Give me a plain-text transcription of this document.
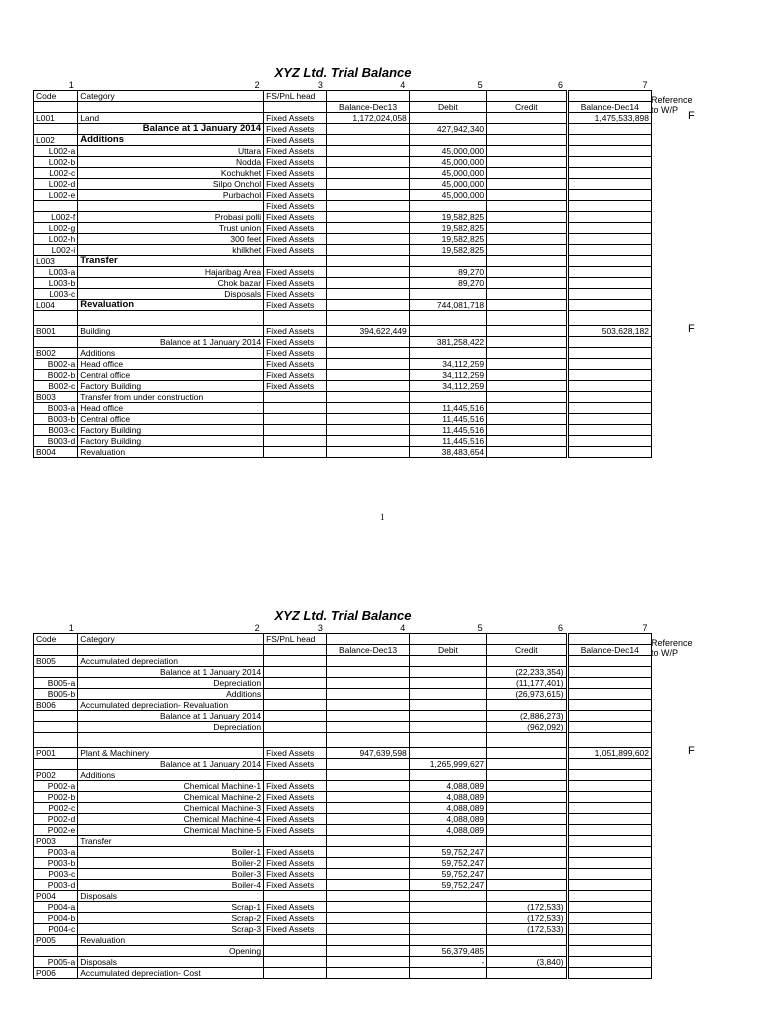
XYZ Ltd. Trial Balance
1	2	3	4	5	6	7
Code	Category	FS/PnL head				
			Balance-Dec13	Debit	Credit	Balance-Dec14
L001	Land	Fixed Assets	1,172,024,058			1,475,533,898
	Balance at 1 January 2014	Fixed Assets		427,942,340		
L002	Additions	Fixed Assets				
L002-a	Uttara	Fixed Assets		45,000,000		
L002-b	Nodda	Fixed Assets		45,000,000		
L002-c	Kochukhet	Fixed Assets		45,000,000		
L002-d	Silpo Onchol	Fixed Assets		45,000,000		
L002-e	Purbachol	Fixed Assets		45,000,000		
		Fixed Assets				
L002-f	Probasi polli	Fixed Assets		19,582,825		
L002-g	Trust union	Fixed Assets		19,582,825		
L002-h	300 feet	Fixed Assets		19,582,825		
L002-i	khilkhet	Fixed Assets		19,582,825		
L003	Transfer					
L003-a	Hajaribag Area	Fixed Assets		89,270		
L003-b	Chok bazar	Fixed Assets		89,270		
L003-c	Disposals	Fixed Assets				
L004	Revaluation	Fixed Assets		744,081,718		

B001	Building	Fixed Assets	394,622,449			503,628,182
	Balance at 1 January 2014	Fixed Assets		381,258,422		
B002	Additions	Fixed Assets				
B002-a	Head office	Fixed Assets		34,112,259		
B002-b	Central office	Fixed Assets		34,112,259		
B002-c	Factory Building	Fixed Assets		34,112,259		
B003	Transfer from under construction					
B003-a	Head office			11,445,516		
B003-b	Central office			11,445,516		
B003-c	Factory Building			11,445,516		
B003-d	Factory Building			11,445,516		
B004	Revaluation			38,483,654		
Reference to W/P
1
XYZ Ltd. Trial Balance
1	2	3	4	5	6	7
Code	Category	FS/PnL head				
			Balance-Dec13	Debit	Credit	Balance-Dec14
B005	Accumulated depreciation					
	Balance at 1 January 2014				(22,233,354)	
B005-a	Depreciation				(11,177,401)	
B005-b	Additions				(26,973,615)	
B006	Accumulated depreciation- Revaluation					
	Balance at 1 January 2014				(2,886,273)	
	Depreciation				(962,092)	

P001	Plant & Machinery	Fixed Assets	947,639,598			1,051,899,602
	Balance at 1 January 2014	Fixed Assets		1,265,999,627		
P002	Additions					
P002-a	Chemical Machine-1	Fixed Assets		4,088,089		
P002-b	Chemical Machine-2	Fixed Assets		4,088,089		
P002-c	Chemical Machine-3	Fixed Assets		4,088,089		
P002-d	Chemical Machine-4	Fixed Assets		4,088,089		
P002-e	Chemical Machine-5	Fixed Assets		4,088,089		
P003	Transfer					
P003-a	Boiler-1	Fixed Assets		59,752,247		
P003-b	Boiler-2	Fixed Assets		59,752,247		
P003-c	Boiler-3	Fixed Assets		59,752,247		
P003-d	Boiler-4	Fixed Assets		59,752,247		
P004	Disposals					
P004-a	Scrap-1	Fixed Assets			(172,533)	
P004-b	Scrap-2	Fixed Assets			(172,533)	
P004-c	Scrap-3	Fixed Assets			(172,533)	
P005	Revaluation					
	Opening			56,379,485		
P005-a	Disposals			-	(3,840)	
P006	Accumulated depreciation- Cost					
Reference to W/P
F
F
F
